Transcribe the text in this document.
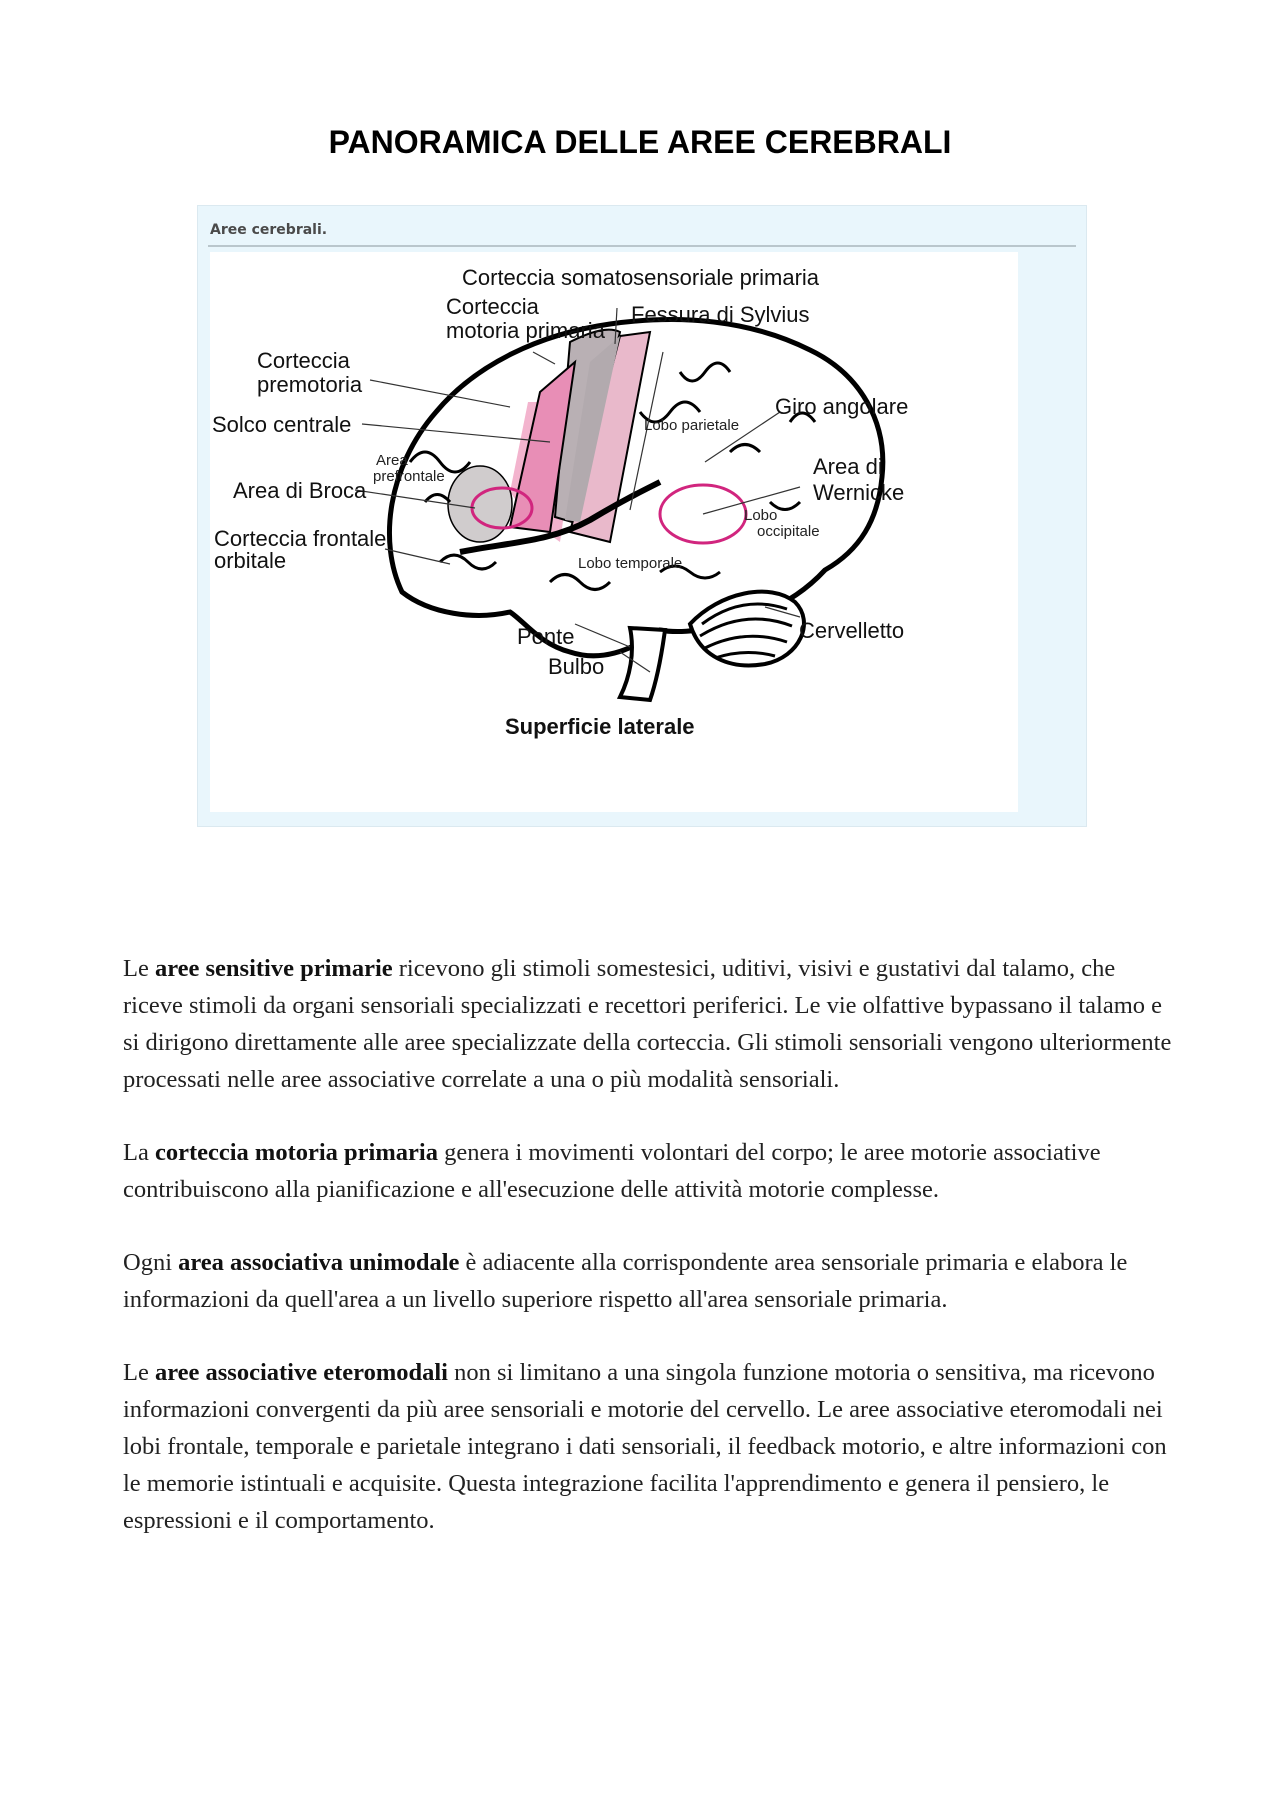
PANORAMICA DELLE AREE CEREBRALI
Aree cerebrali.
Corteccia somatosensoriale primaria
Corteccia
motoria primaria
Fessura di Sylvius
Corteccia
premotoria
Solco centrale
Area
prefrontale
Area di Broca
Corteccia frontale
orbitale
Lobo parietale
Giro angolare
Area di
Wernicke
Lobo
occipitale
Lobo temporale
Ponte
Bulbo
Cervelletto
Superficie laterale

Le aree sensitive primarie ricevono gli stimoli somestesici, uditivi, visivi e gustativi dal talamo, che riceve stimoli da organi sensoriali specializzati e recettori periferici. Le vie olfattive bypassano il talamo e si dirigono direttamente alle aree specializzate della corteccia. Gli stimoli sensoriali vengono ulteriormente processati nelle aree associative correlate a una o più modalità sensoriali.

La corteccia motoria primaria genera i movimenti volontari del corpo; le aree motorie associative contribuiscono alla pianificazione e all'esecuzione delle attività motorie complesse.

Ogni area associativa unimodale è adiacente alla corrispondente area sensoriale primaria e elabora le informazioni da quell'area a un livello superiore rispetto all'area sensoriale primaria.

Le aree associative eteromodali non si limitano a una singola funzione motoria o sensitiva, ma ricevono informazioni convergenti da più aree sensoriali e motorie del cervello. Le aree associative eteromodali nei lobi frontale, temporale e parietale integrano i dati sensoriali, il feedback motorio, e altre informazioni con le memorie istintuali e acquisite. Questa integrazione facilita l'apprendimento e genera il pensiero, le espressioni e il comportamento.
